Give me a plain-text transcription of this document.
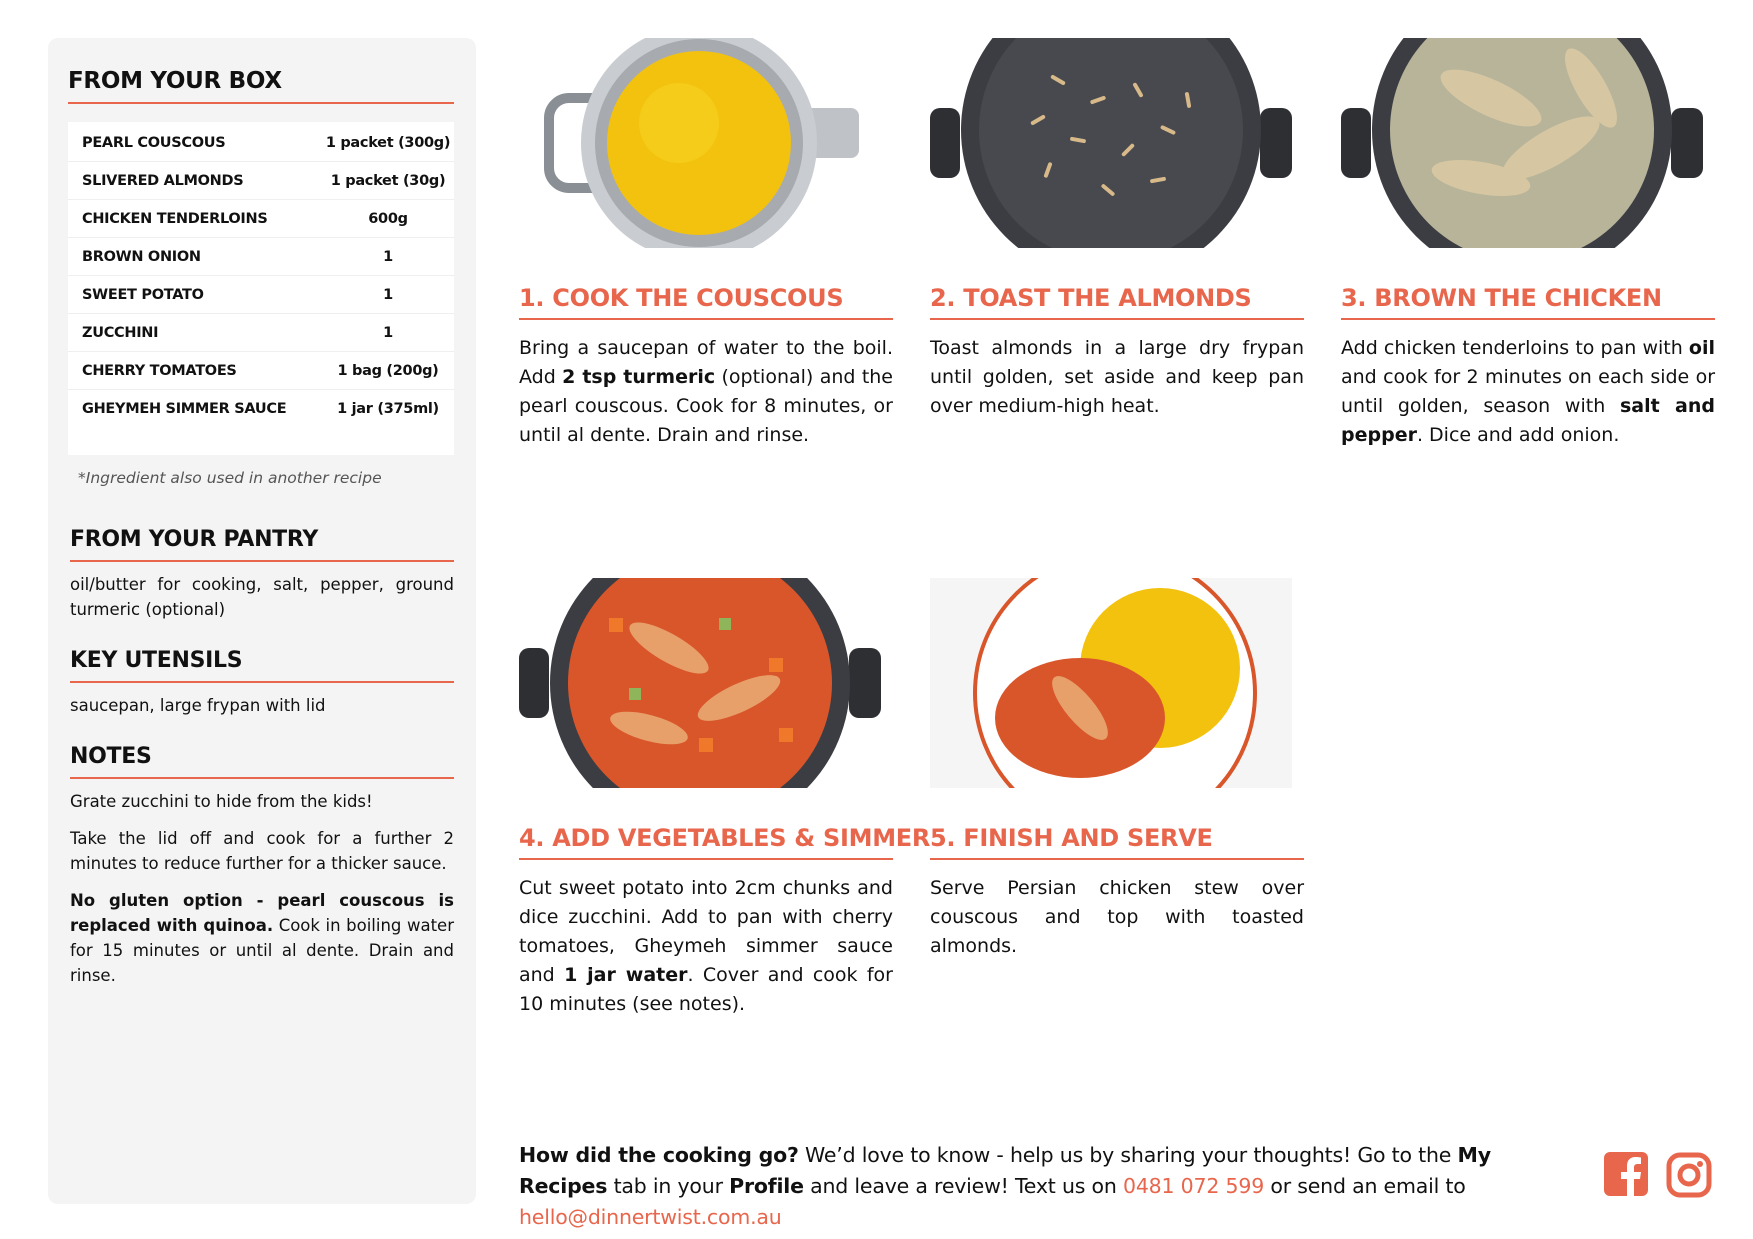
FROM YOUR BOX
PEARL COUSCOUS	1 packet (300g)
SLIVERED ALMONDS	1 packet (30g)
CHICKEN TENDERLOINS	600g
BROWN ONION	1
SWEET POTATO	1
ZUCCHINI	1
CHERRY TOMATOES	1 bag (200g)
GHEYMEH SIMMER SAUCE	1 jar (375ml)
*Ingredient also used in another recipe
FROM YOUR PANTRY
oil/butter for cooking, salt, pepper, ground turmeric (optional)
KEY UTENSILS
saucepan, large frypan with lid
NOTES

Grate zucchini to hide from the kids!

Take the lid off and cook for a further 2 minutes to reduce further for a thicker sauce.

No gluten option - pearl couscous is replaced with quinoa. Cook in boiling water for 15 minutes or until al dente. Drain and rinse.

1. COOK THE COUSCOUS
Bring a saucepan of water to the boil. Add 2 tsp turmeric (optional) and the pearl couscous. Cook for 8 minutes, or until al dente. Drain and rinse.
2. TOAST THE ALMONDS
Toast almonds in a large dry frypan until golden, set aside and keep pan over medium-high heat.
3. BROWN THE CHICKEN
Add chicken tenderloins to pan with oil and cook for 2 minutes on each side or until golden, season with salt and pepper. Dice and add onion.
4. ADD VEGETABLES & SIMMER
Cut sweet potato into 2cm chunks and dice zucchini. Add to pan with cherry tomatoes, Gheymeh simmer sauce and 1 jar water. Cover and cook for 10 minutes (see notes).
5. FINISH AND SERVE
Serve Persian chicken stew over couscous and top with toasted almonds.
How did the cooking go? We’d love to know - help us by sharing your thoughts! Go to the My Recipes tab in your Profile and leave a review! Text us on 0481 072 599 or send an email to hello@dinnertwist.com.au
